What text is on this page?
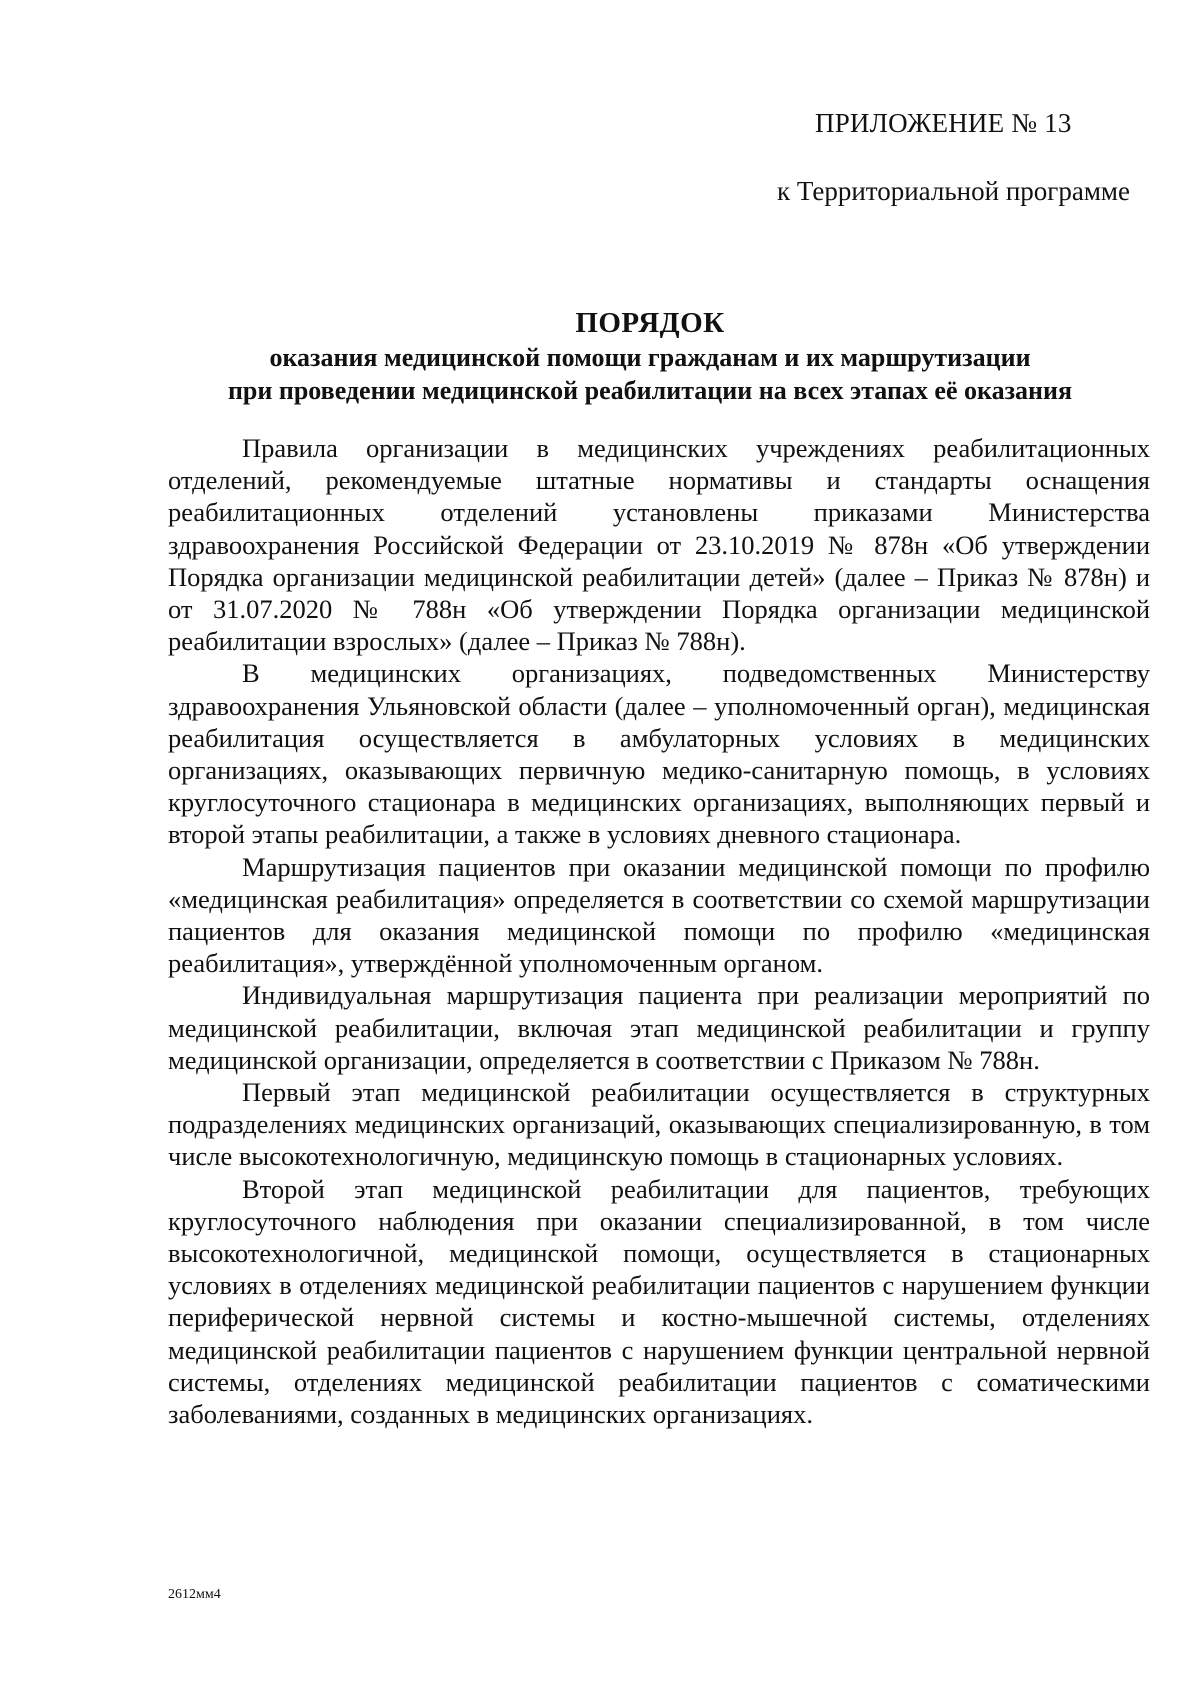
ПРИЛОЖЕНИЕ № 13
к Территориальной программе
ПОРЯДОК
оказания медицинской помощи гражданам и их маршрутизации
при проведении медицинской реабилитации на всех этапах её оказания

Правила организации в медицинских учреждениях реабилитационных отделений, рекомендуемые штатные нормативы и стандарты оснащения реабилитационных отделений установлены приказами Министерства здравоохранения Российской Федерации от 23.10.2019 № 878н «Об утверждении Порядка организации медицинской реабилитации детей» (далее – Приказ № 878н) и от 31.07.2020 № 788н «Об утверждении Порядка организации медицинской реабилитации взрослых» (далее – Приказ № 788н).

В медицинских организациях, подведомственных Министерству здравоохранения Ульяновской области (далее – уполномоченный орган), медицинская реабилитация осуществляется в амбулаторных условиях в медицинских организациях, оказывающих первичную медико-санитарную помощь, в условиях круглосуточного стационара в медицинских организациях, выполняющих первый и второй этапы реабилитации, а также в условиях дневного стационара.

Маршрутизация пациентов при оказании медицинской помощи по профилю «медицинская реабилитация» определяется в соответствии со схемой маршрутизации пациентов для оказания медицинской помощи по профилю «медицинская реабилитация», утверждённой уполномоченным органом.

Индивидуальная маршрутизация пациента при реализации мероприятий по медицинской реабилитации, включая этап медицинской реабилитации и группу медицинской организации, определяется в соответствии с Приказом № 788н.

Первый этап медицинской реабилитации осуществляется в структурных подразделениях медицинских организаций, оказывающих специализированную, в том числе высокотехнологичную, медицинскую помощь в стационарных условиях.

Второй этап медицинской реабилитации для пациентов, требующих круглосуточного наблюдения при оказании специализированной, в том числе высокотехнологичной, медицинской помощи, осуществляется в стационарных условиях в отделениях медицинской реабилитации пациентов с нарушением функции периферической нервной системы и костно-мышечной системы, отделениях медицинской реабилитации пациентов с нарушением функции центральной нервной системы, отделениях медицинской реабилитации пациентов с соматическими заболеваниями, созданных в медицинских организациях.

2612мм4
